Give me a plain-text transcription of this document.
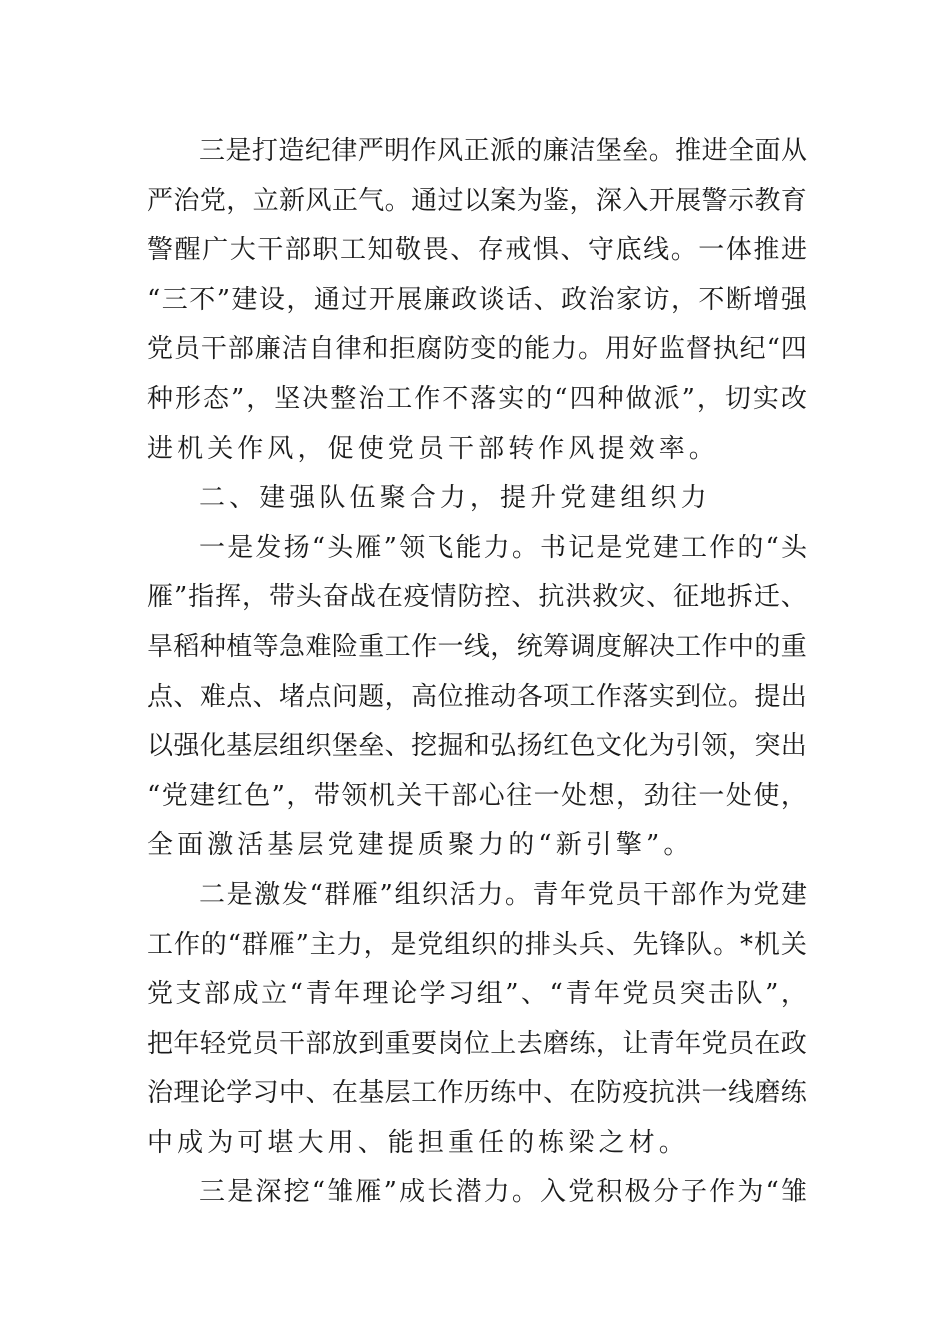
三 是 打 造 纪 律 严 明 作 风 正 派 的 廉 洁 堡 垒 。 推 进 全 面 从
严 治 党 ， 立 新 风 正 气 。 通 过 以 案 为 鉴 ， 深 入 开 展 警 示 教 育
警 醒 广 大 干 部 职 工 知 敬 畏 、 存 戒 惧 、 守 底 线 。 一 体 推 进
“ 三 不 ” 建 设 ， 通 过 开 展 廉 政 谈 话 、 政 治 家 访 ， 不 断 增 强
党 员 干 部 廉 洁 自 律 和 拒 腐 防 变 的 能 力 。 用 好 监 督 执 纪 “ 四
种 形 态 ” ， 坚 决 整 治 工 作 不 落 实 的 “ 四 种 做 派 ” ， 切 实 改
进机关作风，促使党员干部转作风提效率。
二、建强队伍聚合力，提升党建组织力
一 是 发 扬 “ 头 雁 ” 领 飞 能 力 。 书 记 是 党 建 工 作 的 “ 头
雁 ” 指 挥 ， 带 头 奋 战 在 疫 情 防 控 、 抗 洪 救 灾 、 征 地 拆 迁 、
旱 稻 种 植 等 急 难 险 重 工 作 一 线 ， 统 筹 调 度 解 决 工 作 中 的 重
点 、 难 点 、 堵 点 问 题 ， 高 位 推 动 各 项 工 作 落 实 到 位 。 提 出
以 强 化 基 层 组 织 堡 垒 、 挖 掘 和 弘 扬 红 色 文 化 为 引 领 ， 突 出
“ 党 建 红 色 ” ， 带 领 机 关 干 部 心 往 一 处 想 ， 劲 往 一 处 使 ，
全面激活基层党建提质聚力的“新引擎”。
二 是 激 发 “ 群 雁 ” 组 织 活 力 。 青 年 党 员 干 部 作 为 党 建
工 作 的 “ 群 雁 ” 主 力 ， 是 党 组 织 的 排 头 兵 、 先 锋 队 。 * 机 关
党 支 部 成 立 “ 青 年 理 论 学 习 组 ” 、 “ 青 年 党 员 突 击 队 ” ，
把 年 轻 党 员 干 部 放 到 重 要 岗 位 上 去 磨 练 ， 让 青 年 党 员 在 政
治 理 论 学 习 中 、 在 基 层 工 作 历 练 中 、 在 防 疫 抗 洪 一 线 磨 练
中成为可堪大用、能担重任的栋梁之材。
三 是 深 挖 “ 雏 雁 ” 成 长 潜 力 。 入 党 积 极 分 子 作 为 “ 雏
